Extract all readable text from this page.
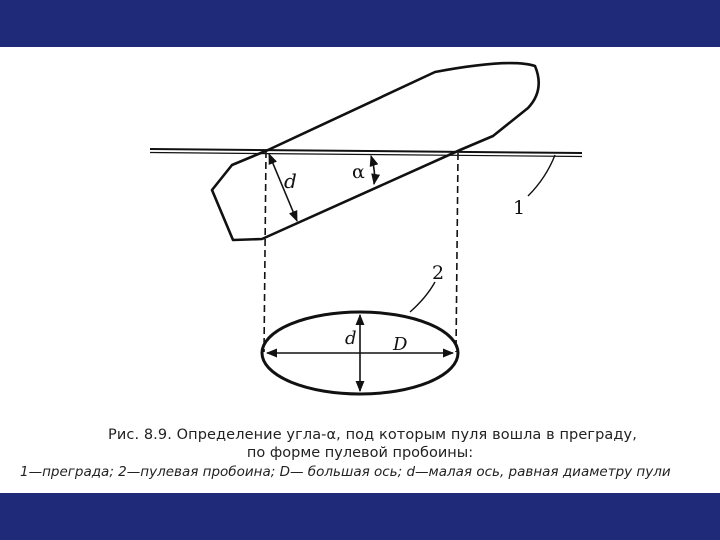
d	α
1
2
d D
Рис. 8.9. Определение угла-α, под которым пуля вошла в преграду,
по форме пулевой пробоины:
1—преграда; 2—пулевая пробоина; D— большая ось; d—малая ось, равная диаметру пули
